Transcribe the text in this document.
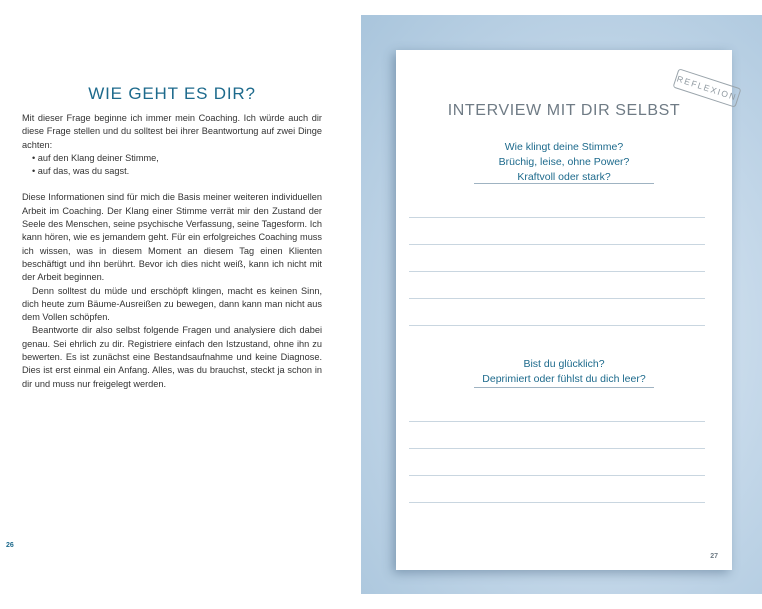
WIE GEHT ES DIR?

Mit dieser Frage beginne ich immer mein Coaching. Ich würde auch dir diese Frage stellen und du solltest bei ihrer Beantwortung auf zwei Dinge achten:

• auf den Klang deiner Stimme,

• auf das, was du sagst.

Diese Informationen sind für mich die Basis meiner weiteren individuellen Arbeit im Coaching. Der Klang einer Stimme verrät mir den Zustand der Seele des Menschen, seine psychische Verfassung, seine Tagesform. Ich kann hören, wie es jemandem geht. Für ein erfolgreiches Coaching muss ich wissen, was in diesem Moment an diesem Tag einen Klienten beschäftigt und ihn berührt. Bevor ich dies nicht weiß, kann ich nicht mit der Arbeit beginnen.

Denn solltest du müde und erschöpft klingen, macht es keinen Sinn, dich heute zum Bäume-Ausreißen zu bewegen, dann kann man nicht aus dem Vollen schöpfen.

Beantworte dir also selbst folgende Fragen und analysiere dich dabei genau. Sei ehrlich zu dir. Registriere einfach den Istzustand, ohne ihn zu bewerten. Es ist zunächst eine Bestandsaufnahme und keine Diagnose. Dies ist erst einmal ein Anfang. Alles, was du brauchst, steckt ja schon in dir und muss nur freigelegt werden.

26
REFLEXION
INTERVIEW MIT DIR SELBST
Wie klingt deine Stimme?
Brüchig, leise, ohne Power?
Kraftvoll oder stark?
Bist du glücklich?
Deprimiert oder fühlst du dich leer?
27
